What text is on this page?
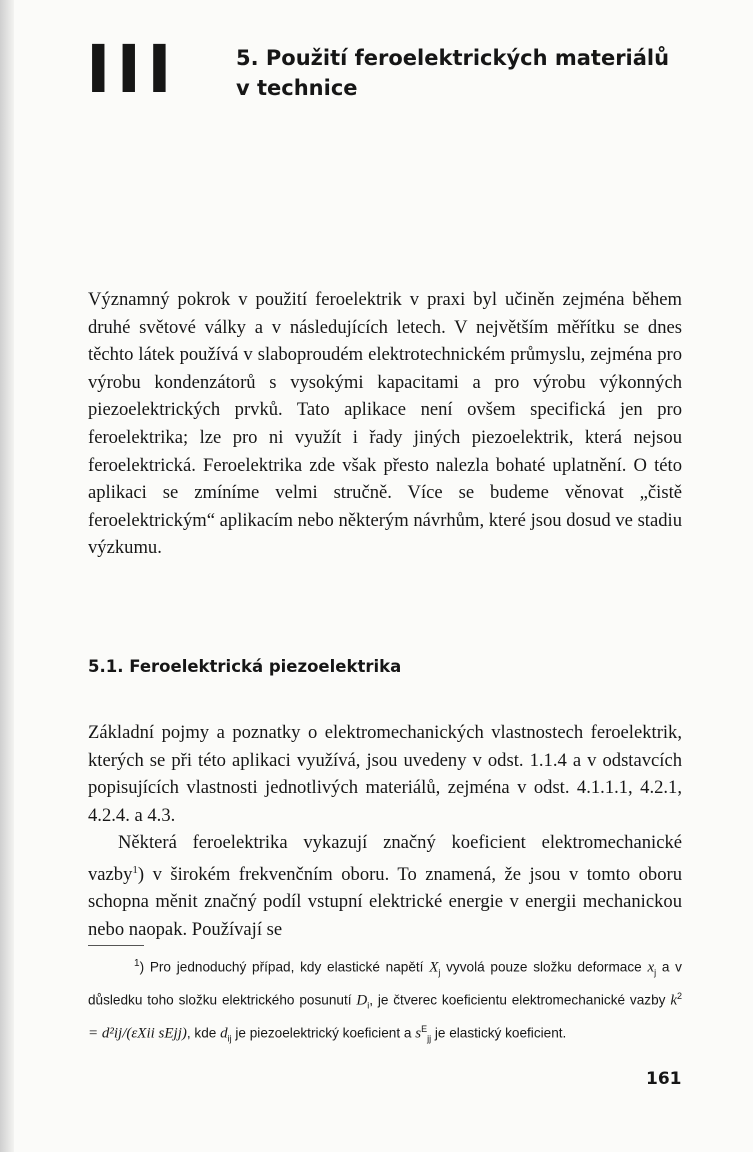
III	5. Použití feroelektrických materiálů
v technice

Významný pokrok v použití feroelektrik v praxi byl učiněn zejména během druhé světové války a v následujících letech. V největším měřítku se dnes těchto látek používá v slaboproudém elektrotechnickém průmyslu, zejména pro výrobu kondenzátorů s vysokými kapacitami a pro výrobu výkonných piezoelektrických prvků. Tato aplikace není ovšem specifická jen pro feroelektrika; lze pro ni využít i řady jiných piezoelektrik, která nejsou feroelektrická. Feroelektrika zde však přesto nalezla bohaté uplatnění. O této aplikaci se zmíníme velmi stručně. Více se budeme věnovat „čistě feroelektrickým“ aplikacím nebo některým návrhům, které jsou dosud ve stadiu výzkumu.

5.1. Feroelektrická piezoelektrika

Základní pojmy a poznatky o elektromechanických vlastnostech feroelektrik, kterých se při této aplikaci využívá, jsou uvedeny v odst. 1.1.4 a v odstavcích popisujících vlastnosti jednotlivých materiálů, zejména v odst. 4.1.1.1, 4.2.1, 4.2.4. a 4.3.

Některá feroelektrika vykazují značný koeficient elektromechanické vazby$^1$) v širokém frekvenčním oboru. To znamená, že jsou v tomto oboru schopna měnit značný podíl vstupní elektrické energie v energii mechanickou nebo naopak. Používají se

$^1$) Pro jednoduchý případ, kdy elastické napětí $X_j$ vyvolá pouze složku deformace $x_j$ a v důsledku toho složku elektrického posunutí $D_i$, je čtverec koeficientu elektromechanické vazby $k^2 = d^2ij/(\varepsilon Xii$ sEjj), kde $d_{ij}$ je piezoelektrický koeficient a $s^E_{jj}$ je elastický koeficient.

161
